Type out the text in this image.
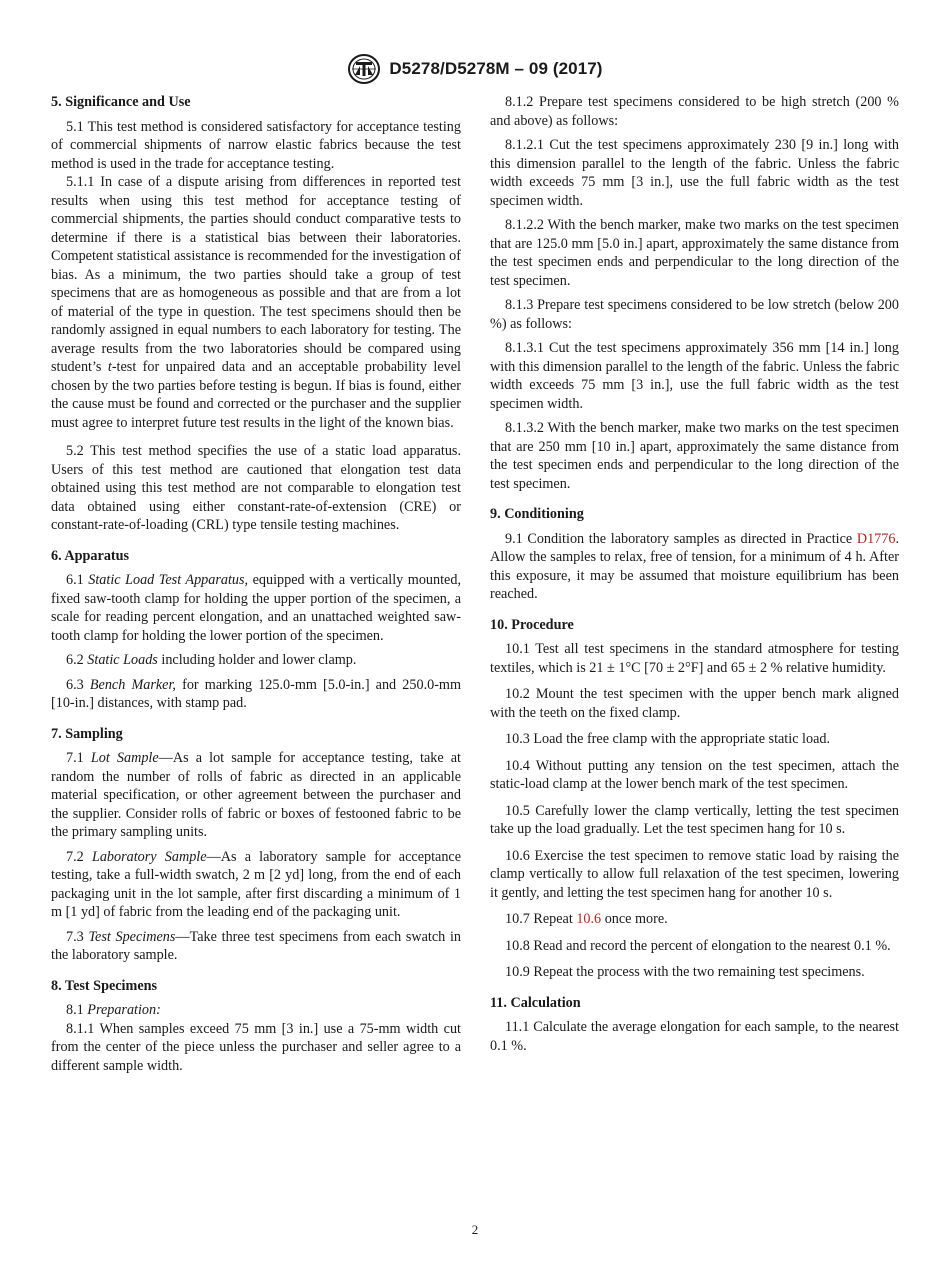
D5278/D5278M – 09 (2017)

5. Significance and Use

5.1 This test method is considered satisfactory for acceptance testing of commercial shipments of narrow elastic fabrics because the test method is used in the trade for acceptance testing.

5.1.1 In case of a dispute arising from differences in reported test results when using this test method for acceptance testing of commercial shipments, the parties should conduct comparative tests to determine if there is a statistical bias between their laboratories. Competent statistical assistance is recommended for the investigation of bias. As a minimum, the two parties should take a group of test specimens that are as homogeneous as possible and that are from a lot of material of the type in question. The test specimens should then be randomly assigned in equal numbers to each laboratory for testing. The average results from the two laboratories should be compared using student’s t-test for unpaired data and an acceptable probability level chosen by the two parties before testing is begun. If bias is found, either the cause must be found and corrected or the purchaser and the supplier must agree to interpret future test results in the light of the known bias.

5.2 This test method specifies the use of a static load apparatus. Users of this test method are cautioned that elongation test data obtained using this test method are not comparable to elongation test data obtained using either constant-rate-of-extension (CRE) or constant-rate-of-loading (CRL) type tensile testing machines.

6. Apparatus

6.1 Static Load Test Apparatus, equipped with a vertically mounted, fixed saw-tooth clamp for holding the upper portion of the specimen, a scale for reading percent elongation, and an unattached weighted saw-tooth clamp for holding the lower portion of the specimen.

6.2 Static Loads including holder and lower clamp.

6.3 Bench Marker, for marking 125.0-mm [5.0-in.] and 250.0-mm [10-in.] distances, with stamp pad.

7. Sampling

7.1 Lot Sample—As a lot sample for acceptance testing, take at random the number of rolls of fabric as directed in an applicable material specification, or other agreement between the purchaser and the supplier. Consider rolls of fabric or boxes of festooned fabric to be the primary sampling units.

7.2 Laboratory Sample—As a laboratory sample for acceptance testing, take a full-width swatch, 2 m [2 yd] long, from the end of each packaging unit in the lot sample, after first discarding a minimum of 1 m [1 yd] of fabric from the leading end of the packaging unit.

7.3 Test Specimens—Take three test specimens from each swatch in the laboratory sample.

8. Test Specimens

8.1 Preparation:

8.1.1 When samples exceed 75 mm [3 in.] use a 75-mm width cut from the center of the piece unless the purchaser and seller agree to a different sample width.

8.1.2 Prepare test specimens considered to be high stretch (200 % and above) as follows:

8.1.2.1 Cut the test specimens approximately 230 [9 in.] long with this dimension parallel to the length of the fabric. Unless the fabric width exceeds 75 mm [3 in.], use the full fabric width as the test specimen width.

8.1.2.2 With the bench marker, make two marks on the test specimen that are 125.0 mm [5.0 in.] apart, approximately the same distance from the test specimen ends and perpendicular to the long direction of the test specimen.

8.1.3 Prepare test specimens considered to be low stretch (below 200 %) as follows:

8.1.3.1 Cut the test specimens approximately 356 mm [14 in.] long with this dimension parallel to the length of the fabric. Unless the fabric width exceeds 75 mm [3 in.], use the full fabric width as the test specimen width.

8.1.3.2 With the bench marker, make two marks on the test specimen that are 250 mm [10 in.] apart, approximately the same distance from the test specimen ends and perpendicular to the long direction of the test specimen.

9. Conditioning

9.1 Condition the laboratory samples as directed in Practice D1776. Allow the samples to relax, free of tension, for a minimum of 4 h. After this exposure, it may be assumed that moisture equilibrium has been reached.

10. Procedure

10.1 Test all test specimens in the standard atmosphere for testing textiles, which is 21 ± 1°C [70 ± 2°F] and 65 ± 2 % relative humidity.

10.2 Mount the test specimen with the upper bench mark aligned with the teeth on the fixed clamp.

10.3 Load the free clamp with the appropriate static load.

10.4 Without putting any tension on the test specimen, attach the static-load clamp at the lower bench mark of the test specimen.

10.5 Carefully lower the clamp vertically, letting the test specimen take up the load gradually. Let the test specimen hang for 10 s.

10.6 Exercise the test specimen to remove static load by raising the clamp vertically to allow full relaxation of the test specimen, lowering it gently, and letting the test specimen hang for another 10 s.

10.7 Repeat 10.6 once more.

10.8 Read and record the percent of elongation to the nearest 0.1 %.

10.9 Repeat the process with the two remaining test specimens.

11. Calculation

11.1 Calculate the average elongation for each sample, to the nearest 0.1 %.

2
